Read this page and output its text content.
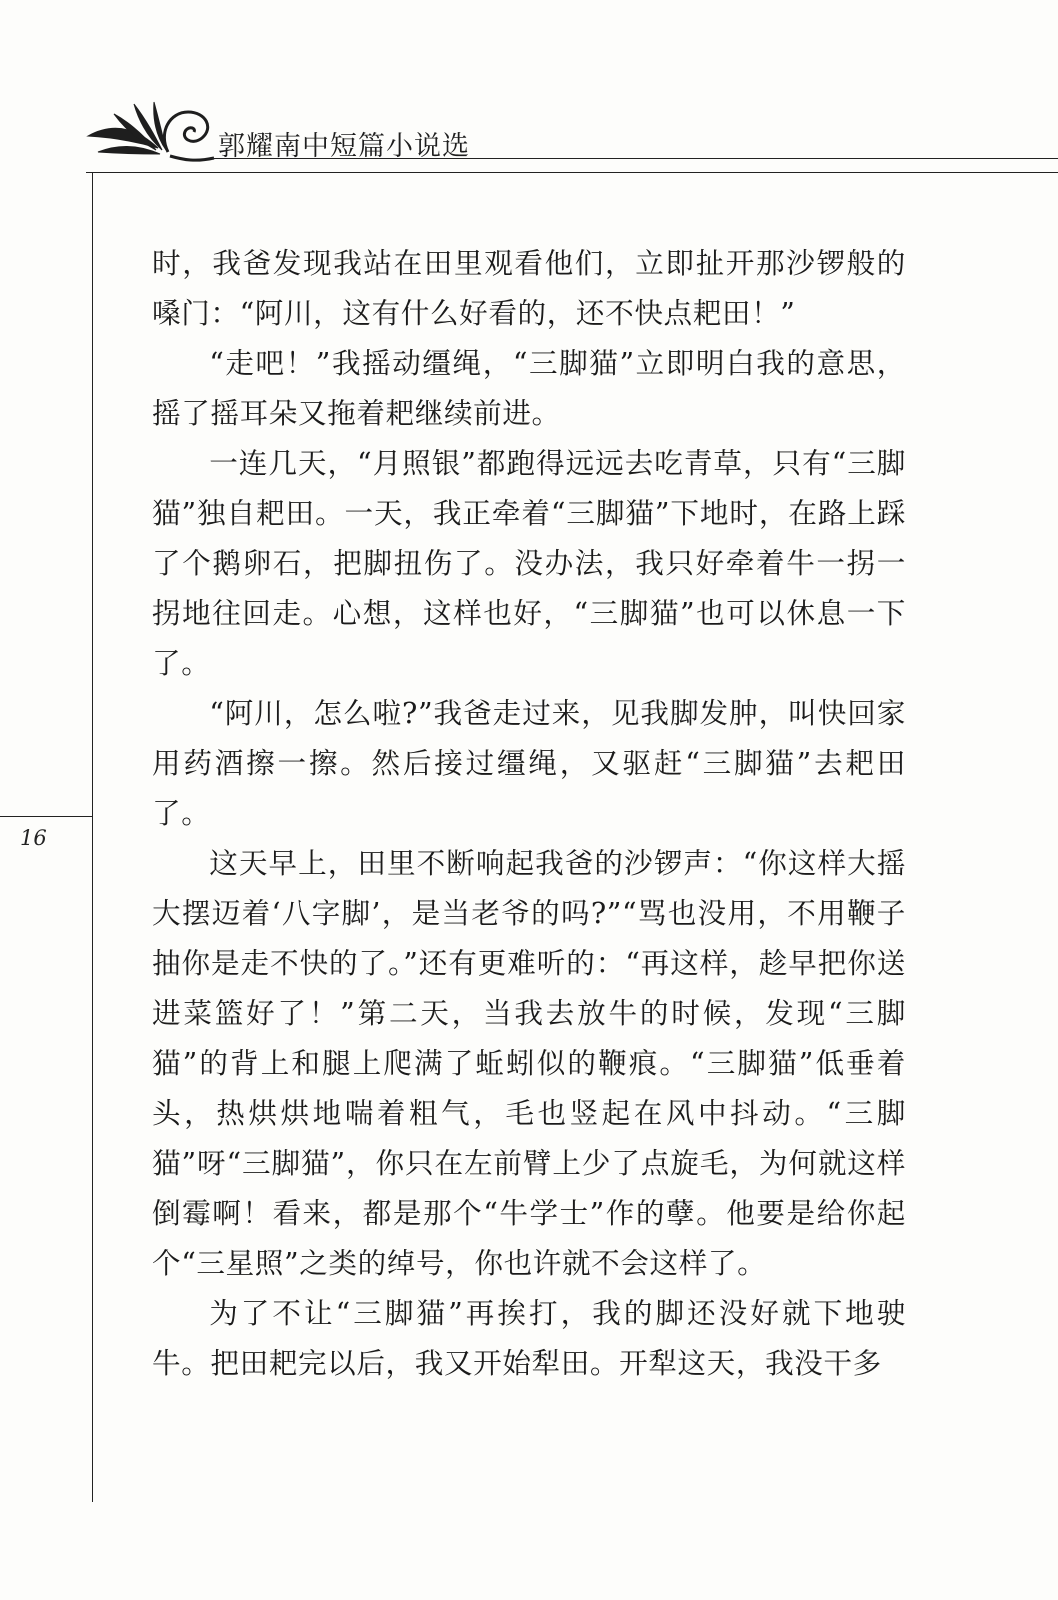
郭耀南中短篇小说选
16

时，我爸发现我站在田里观看他们，立即扯开那沙锣般的嗓门：“阿川，这有什么好看的，还不快点耙田！”

“走吧！”我摇动缰绳，“三脚猫”立即明白我的意思，摇了摇耳朵又拖着耙继续前进。

一连几天，“月照银”都跑得远远去吃青草，只有“三脚猫”独自耙田。一天，我正牵着“三脚猫”下地时，在路上踩了个鹅卵石，把脚扭伤了。没办法，我只好牵着牛一拐一拐地往回走。心想，这样也好，“三脚猫”也可以休息一下了。

“阿川，怎么啦?”我爸走过来，见我脚发肿，叫快回家用药酒擦一擦。然后接过缰绳，又驱赶“三脚猫”去耙田了。

这天早上，田里不断响起我爸的沙锣声：“你这样大摇大摆迈着‘八字脚’，是当老爷的吗?”“骂也没用，不用鞭子抽你是走不快的了。”还有更难听的：“再这样，趁早把你送进菜篮好了！”第二天，当我去放牛的时候，发现“三脚猫”的背上和腿上爬满了蚯蚓似的鞭痕。“三脚猫”低垂着头，热烘烘地喘着粗气，毛也竖起在风中抖动。“三脚猫”呀“三脚猫”，你只在左前臂上少了点旋毛，为何就这样倒霉啊！看来，都是那个“牛学士”作的孽。他要是给你起个“三星照”之类的绰号，你也许就不会这样了。

为了不让“三脚猫”再挨打，我的脚还没好就下地驶牛。把田耙完以后，我又开始犁田。开犁这天，我没干多
